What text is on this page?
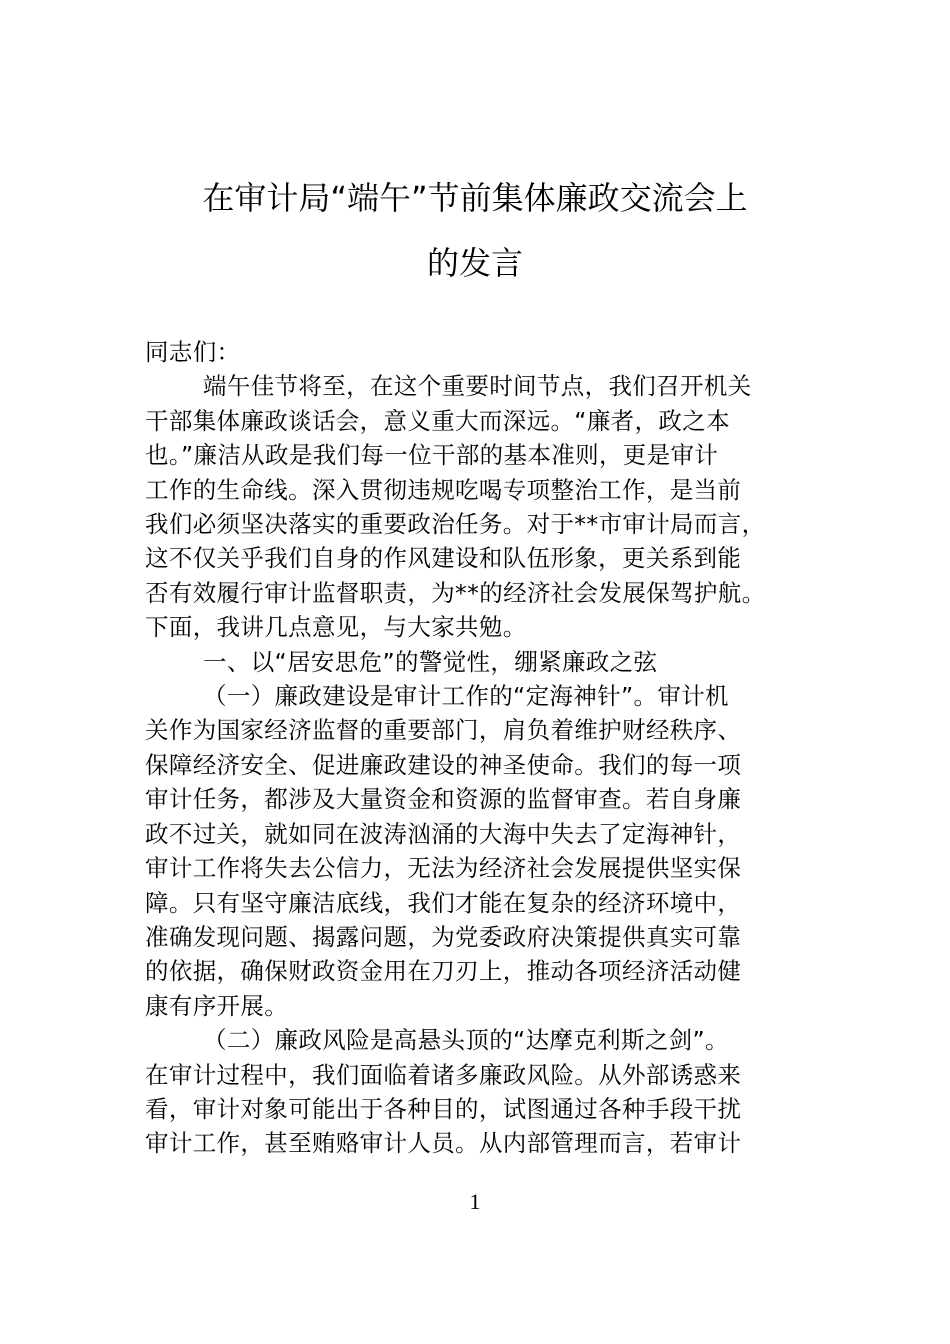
在审计局“端午”节前集体廉政交流会上
的发言
同志们：
端午佳节将至，在这个重要时间节点，我们召开机关
干部集体廉政谈话会，意义重大而深远。“廉者，政之本
也。”廉洁从政是我们每一位干部的基本准则，更是审计
工作的生命线。深入贯彻违规吃喝专项整治工作，是当前
我们必须坚决落实的重要政治任务。对于**市审计局而言，
这不仅关乎我们自身的作风建设和队伍形象，更关系到能
否有效履行审计监督职责，为**的经济社会发展保驾护航。
下面，我讲几点意见，与大家共勉。
一、以“居安思危”的警觉性，绷紧廉政之弦
（一）廉政建设是审计工作的“定海神针”。审计机
关作为国家经济监督的重要部门，肩负着维护财经秩序、
保障经济安全、促进廉政建设的神圣使命。我们的每一项
审计任务，都涉及大量资金和资源的监督审查。若自身廉
政不过关，就如同在波涛汹涌的大海中失去了定海神针，
审计工作将失去公信力，无法为经济社会发展提供坚实保
障。只有坚守廉洁底线，我们才能在复杂的经济环境中，
准确发现问题、揭露问题，为党委政府决策提供真实可靠
的依据，确保财政资金用在刀刃上，推动各项经济活动健
康有序开展。
（二）廉政风险是高悬头顶的“达摩克利斯之剑”。
在审计过程中，我们面临着诸多廉政风险。从外部诱惑来
看，审计对象可能出于各种目的，试图通过各种手段干扰
审计工作，甚至贿赂审计人员。从内部管理而言，若审计
1
